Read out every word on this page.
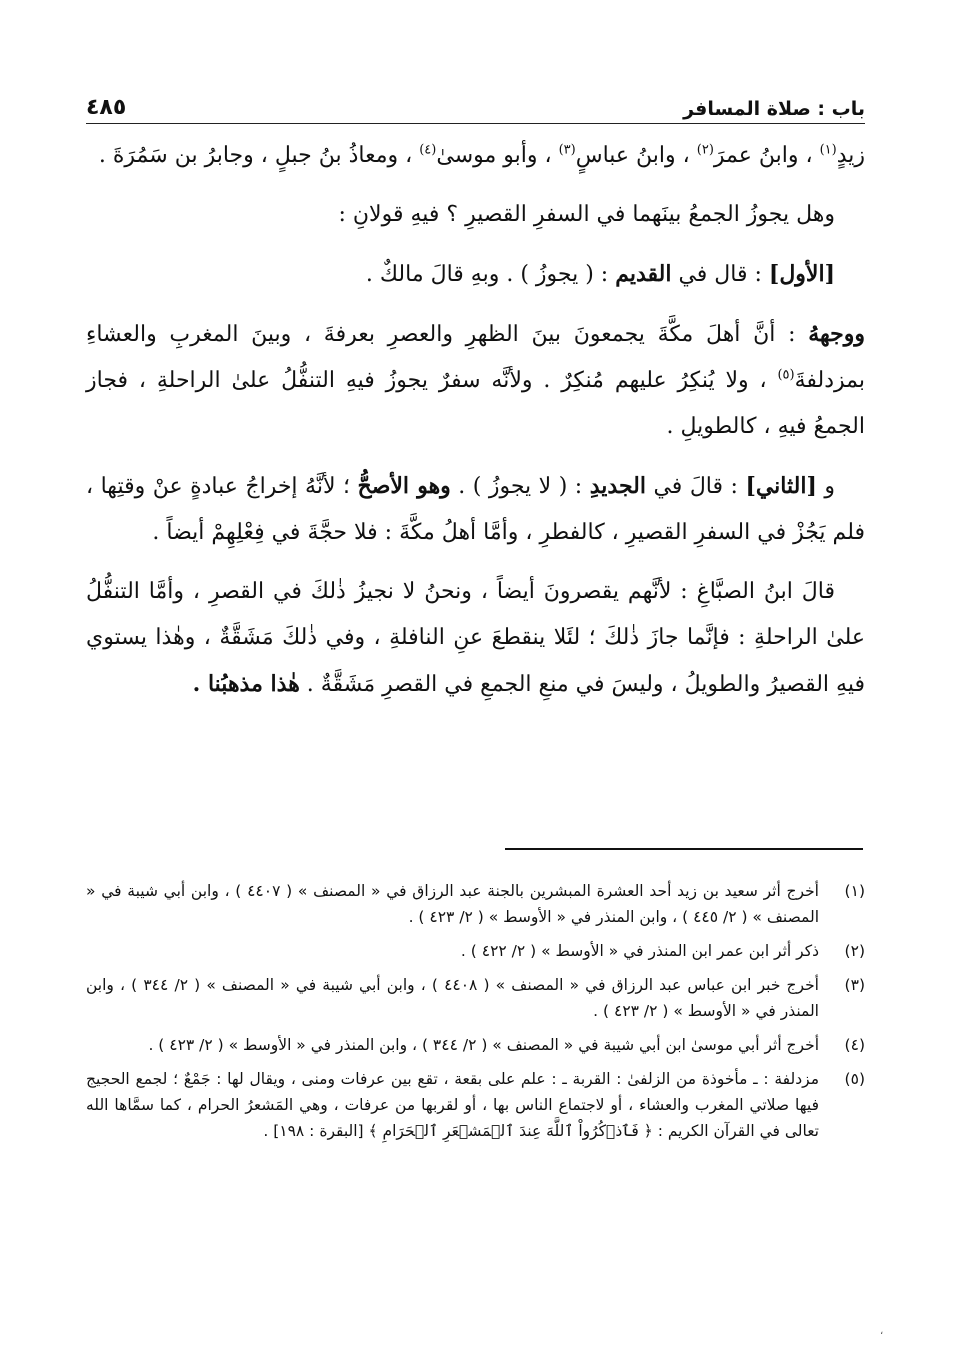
باب : صلاة المسافر
٤٨٥

زيدٍ$^{(١)}$ ، وابنُ عمرَ$^{(٢)}$ ، وابنُ عباسٍ$^{(٣)}$ ، وأبو موسىٰ$^{(٤)}$ ، ومعاذُ بنُ جبلٍ ، وجابرُ بن سَمُرَةَ .

وهل يجوزُ الجمعُ بينَهما في السفرِ القصيرِ ؟ فيهِ قولانِ :

[الأول] : قال في القديم : ( يجوزُ ) . وبهِ قالَ مالكٌ .

ووجههُ : أنَّ أهلَ مكَّةَ يجمعونَ بينَ الظهرِ والعصرِ بعرفةَ ، وبينَ المغربِ والعشاءِ بمزدلفةَ$^{(٥)}$ ، ولا يُنكِرُ عليهم مُنكِرٌ . ولأنَّه سفرٌ يجوزُ فيهِ التنفُّلُ علىٰ الراحلةِ ، فجاز الجمعُ فيهِ ، كالطويلِ .

و [الثاني] : قالَ في الجديدِ : ( لا يجوزُ ) . وهو الأصحُّ ؛ لأنَّهُ إخراجُ عبادةٍ عنْ وقتِها ، فلم يَجُزْ في السفرِ القصيرِ ، كالفطرِ ، وأمَّا أهلُ مكَّةَ : فلا حجَّةَ في فِعْلِهِمْ أيضاً .

قالَ ابنُ الصبَّاغِ : لأنَّهم يقصرونَ أيضاً ، ونحنُ لا نجيزُ ذٰلكَ في القصرِ ، وأمَّا التنفُّلُ علىٰ الراحلةِ : فإنَّما جازَ ذٰلكَ ؛ لئَلا ينقطعَ عنِ النافلةِ ، وفي ذٰلكَ مَشَقَّةٌ ، وهٰذا يستوي فيهِ القصيرُ والطويلُ ، وليسَ في منعِ الجمعِ في القصرِ مَشَقَّةٌ . هٰذا مذهبُنا .

(١)
أخرج أثر سعيد بن زيد أحد العشرة المبشرين بالجنة عبد الرزاق في « المصنف » ( ٤٤٠٧ ) ، وابن أبي شيبة في « المصنف » ( ٢/ ٤٤٥ ) ، وابن المنذر في « الأوسط » ( ٢/ ٤٢٣ ) .
(٢)
ذكر أثر ابن عمر ابن المنذر في « الأوسط » ( ٢/ ٤٢٢ ) .
(٣)
أخرج خبر ابن عباس عبد الرزاق في « المصنف » ( ٤٤٠٨ ) ، وابن أبي شيبة في « المصنف » ( ٢/ ٣٤٤ ) ، وابن المنذر في « الأوسط » ( ٢/ ٤٢٣ ) .
(٤)
أخرج أثر أبي موسىٰ ابن أبي شيبة في « المصنف » ( ٢/ ٣٤٤ ) ، وابن المنذر في « الأوسط » ( ٢/ ٤٢٣ ) .
(٥)
مزدلفة : ـ مأخوذة من الزلفىٰ : القربة ـ : علم على بقعة ، تقع بين عرفات ومنى ، ويقال لها : جَمْعٌ ؛ لجمع الحجيج فيها صلاتي المغرب والعشاء ، أو لاجتماع الناس بها ، أو لقربها من عرفات ، وهي المَشعرُ الحرام ، كما سمَّاها الله تعالى في القرآن الكريم : ﴿ فَٱذۡكُرُواْ ٱللَّهَ عِندَ ٱلۡمَشۡعَرِ ٱلۡحَرَامِ ﴾ [البقرة : ١٩٨] .
،
